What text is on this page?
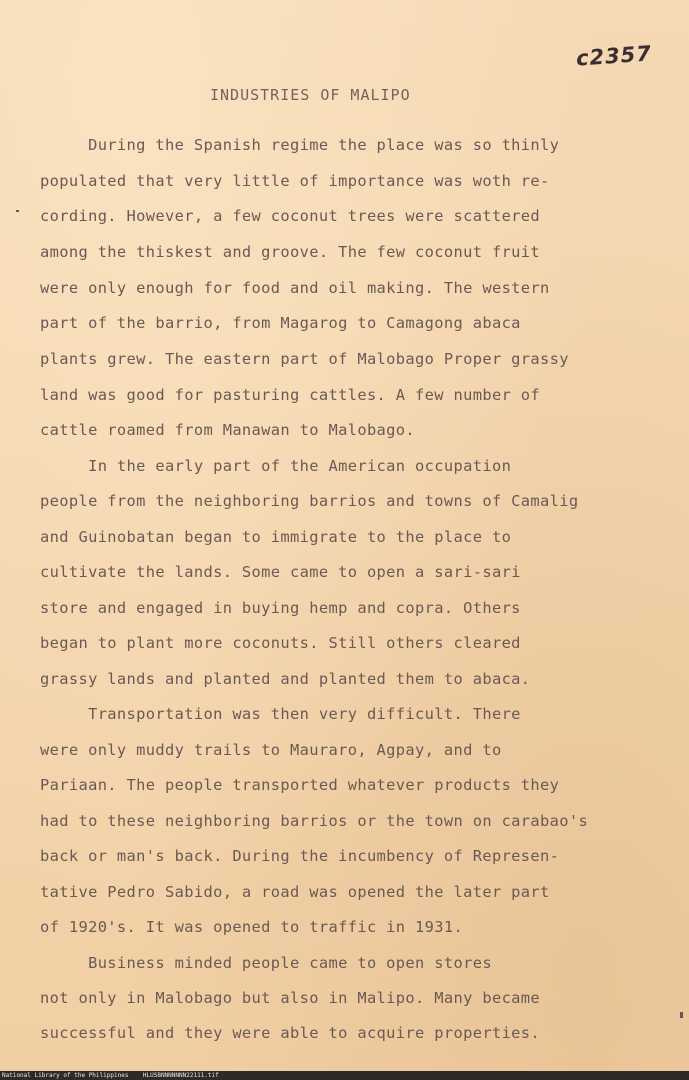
c2357
INDUSTRIES OF MALIPO
During the Spanish regime the place was so thinly
populated that very little of importance was woth re-
cording. However, a few coconut trees were scattered
among the thiskest and groove. The few coconut fruit
were only enough for food and oil making. The western
part of the barrio, from Magarog to Camagong abaca
plants grew. The eastern part of Malobago Proper grassy
land was good for pasturing cattles. A few number of
cattle roamed from Manawan to Malobago.
In the early part of the American occupation
people from the neighboring barrios and towns of Camalig
and Guinobatan began to immigrate to the place to
cultivate the lands. Some came to open a sari-sari
store and engaged in buying hemp and copra. Others
began to plant more coconuts. Still others cleared
grassy lands and planted and planted them to abaca.
Transportation was then very difficult. There
were only muddy trails to Mauraro, Agpay, and to
Pariaan. The people transported whatever products they
had to these neighboring barrios or the town on carabao's
back or man's back. During the incumbency of Represen-
tative Pedro Sabido, a road was opened the later part
of 1920's. It was opened to traffic in 1931.
Business minded people came to open stores
not only in Malobago but also in Malipo. Many became
successful and they were able to acquire properties.
National Library of the Philippines    HLUSBNNNNNNN22111.tif
